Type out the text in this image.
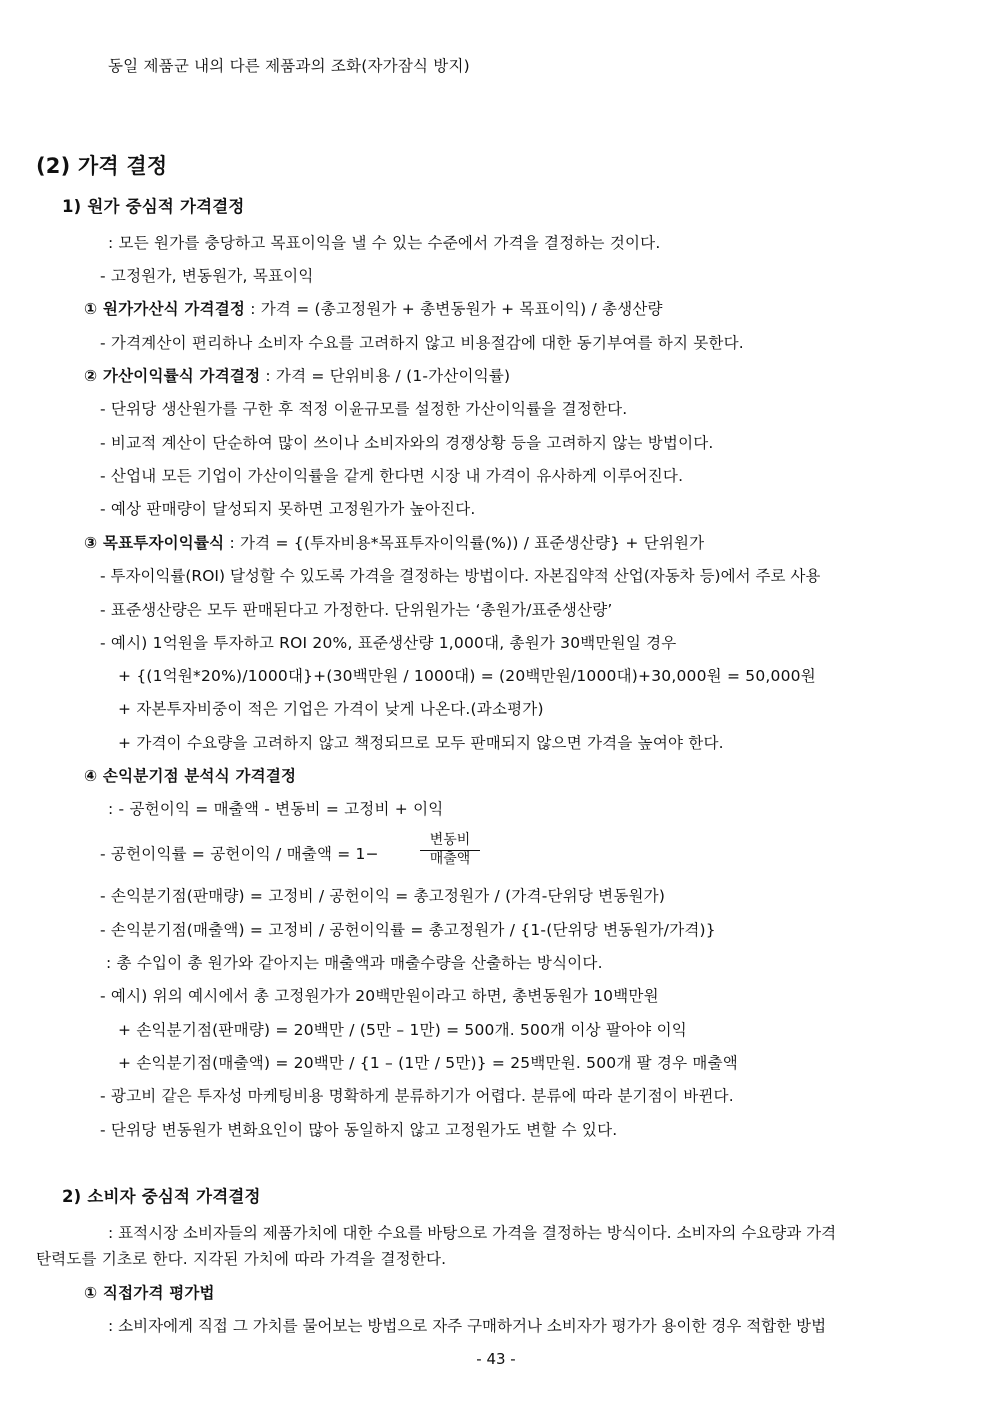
동일 제품군 내의 다른 제품과의 조화(자가잠식 방지)
(2) 가격 결정
1) 원가 중심적 가격결정
: 모든 원가를 충당하고 목표이익을 낼 수 있는 수준에서 가격을 결정하는 것이다.
- 고정원가, 변동원가, 목표이익
① 원가가산식 가격결정 : 가격 = (총고정원가 + 총변동원가 + 목표이익) / 총생산량
- 가격계산이 편리하나 소비자 수요를 고려하지 않고 비용절감에 대한 동기부여를 하지 못한다.
② 가산이익률식 가격결정 : 가격 = 단위비용 / (1-가산이익률)
- 단위당 생산원가를 구한 후 적정 이윤규모를 설정한 가산이익률을 결정한다.
- 비교적 계산이 단순하여 많이 쓰이나 소비자와의 경쟁상황 등을 고려하지 않는 방법이다.
- 산업내 모든 기업이 가산이익률을 같게 한다면 시장 내 가격이 유사하게 이루어진다.
- 예상 판매량이 달성되지 못하면 고정원가가 높아진다.
③ 목표투자이익률식 : 가격 = {(투자비용*목표투자이익률(%)) / 표준생산량} + 단위원가
- 투자이익률(ROI) 달성할 수 있도록 가격을 결정하는 방법이다. 자본집약적 산업(자동차 등)에서 주로 사용
- 표준생산량은 모두 판매된다고 가정한다. 단위원가는 ‘총원가/표준생산량’
- 예시) 1억원을 투자하고 ROI 20%, 표준생산량 1,000대, 총원가 30백만원일 경우
+ {(1억원*20%)/1000대}+(30백만원 / 1000대) = (20백만원/1000대)+30,000원 = 50,000원
+ 자본투자비중이 적은 기업은 가격이 낮게 나온다.(과소평가)
+ 가격이 수요량을 고려하지 않고 책정되므로 모두 판매되지 않으면 가격을 높여야 한다.
④ 손익분기점 분석식 가격결정
: - 공헌이익 = 매출액 - 변동비 = 고정비 + 이익
- 공헌이익률 = 공헌이익 / 매출액 = 1−
변동비
매출액
- 손익분기점(판매량) = 고정비 / 공헌이익 = 총고정원가 / (가격-단위당 변동원가)
- 손익분기점(매출액) = 고정비 / 공헌이익률 = 총고정원가 / {1-(단위당 변동원가/가격)}
: 총 수입이 총 원가와 같아지는 매출액과 매출수량을 산출하는 방식이다.
- 예시) 위의 예시에서 총 고정원가가 20백만원이라고 하면, 총변동원가 10백만원
+ 손익분기점(판매량) = 20백만 / (5만 – 1만) = 500개. 500개 이상 팔아야 이익
+ 손익분기점(매출액) = 20백만 / {1 – (1만 / 5만)} = 25백만원. 500개 팔 경우 매출액
- 광고비 같은 투자성 마케팅비용 명확하게 분류하기가 어렵다. 분류에 따라 분기점이 바뀐다.
- 단위당 변동원가 변화요인이 많아 동일하지 않고 고정원가도 변할 수 있다.
2) 소비자 중심적 가격결정
: 표적시장 소비자들의 제품가치에 대한 수요를 바탕으로 가격을 결정하는 방식이다. 소비자의 수요량과 가격
탄력도를 기초로 한다. 지각된 가치에 따라 가격을 결정한다.
① 직접가격 평가법
: 소비자에게 직접 그 가치를 물어보는 방법으로 자주 구매하거나 소비자가 평가가 용이한 경우 적합한 방법
- 43 -
